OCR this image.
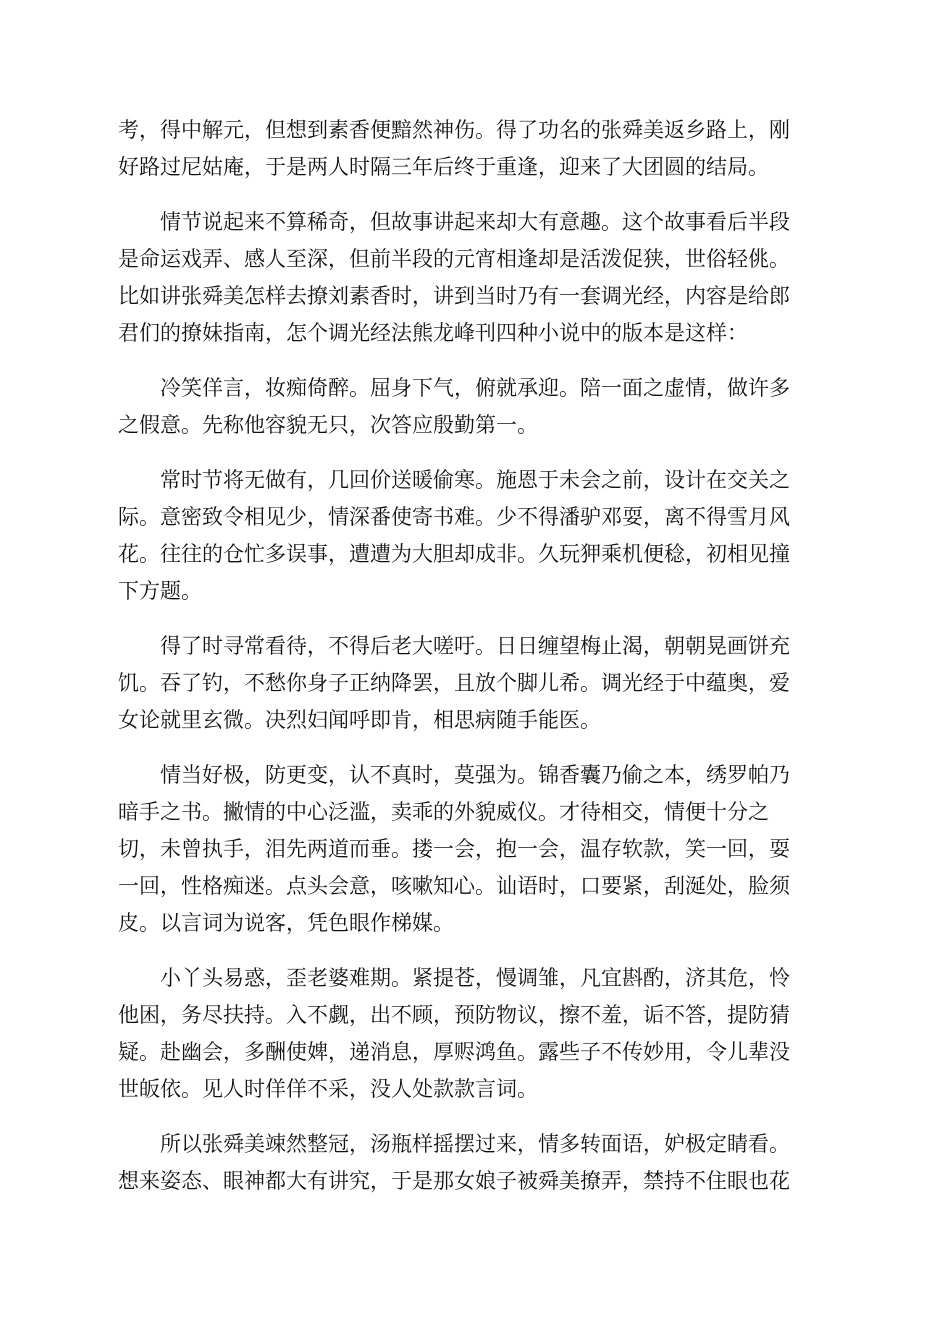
考，得中解元，但想到素香便黯然神伤。得了功名的张舜美返乡路上，刚
好路过尼姑庵，于是两人时隔三年后终于重逢，迎来了大团圆的结局。

情节说起来不算稀奇，但故事讲起来却大有意趣。这个故事看后半段
是命运戏弄、感人至深，但前半段的元宵相逢却是活泼促狭，世俗轻佻。
比如讲张舜美怎样去撩刘素香时，讲到当时乃有一套调光经，内容是给郎
君们的撩妹指南，怎个调光经法熊龙峰刊四种小说中的版本是这样：

冷笑佯言，妆痴倚醉。屈身下气，俯就承迎。陪一面之虚情，做许多
之假意。先称他容貌无只，次答应殷勤第一。

常时节将无做有，几回价送暖偷寒。施恩于未会之前，设计在交关之
际。意密致令相见少，情深番使寄书难。少不得潘驴邓耍，离不得雪月风
花。往往的仓忙多误事，遭遭为大胆却成非。久玩狎乘机便稔，初相见撞
下方题。

得了时寻常看待，不得后老大嗟吁。日日缠望梅止渴，朝朝晃画饼充
饥。吞了钓，不愁你身子正纳降罢，且放个脚儿希。调光经于中蕴奥，爱
女论就里玄微。决烈妇闻呼即肯，相思病随手能医。

情当好极，防更变，认不真时，莫强为。锦香囊乃偷之本，绣罗帕乃
暗手之书。撇情的中心泛滥，卖乖的外貌威仪。才待相交，情便十分之
切，未曾执手，泪先两道而垂。搂一会，抱一会，温存软款，笑一回，耍
一回，性格痴迷。点头会意，咳嗽知心。讪语时，口要紧，刮涎处，脸须
皮。以言词为说客，凭色眼作梯媒。

小丫头易惑，歪老婆难期。紧提苍，慢调雏，凡宜斟酌，济其危，怜
他困，务尽扶持。入不觑，出不顾，预防物议，擦不羞，诟不答，提防猜
疑。赴幽会，多酬使婢，递消息，厚赆鸿鱼。露些子不传妙用，令儿辈没
世皈依。见人时佯佯不采，没人处款款言词。

所以张舜美竦然整冠，汤瓶样摇摆过来，情多转面语，妒极定睛看。
想来姿态、眼神都大有讲究，于是那女娘子被舜美撩弄，禁持不住眼也花
